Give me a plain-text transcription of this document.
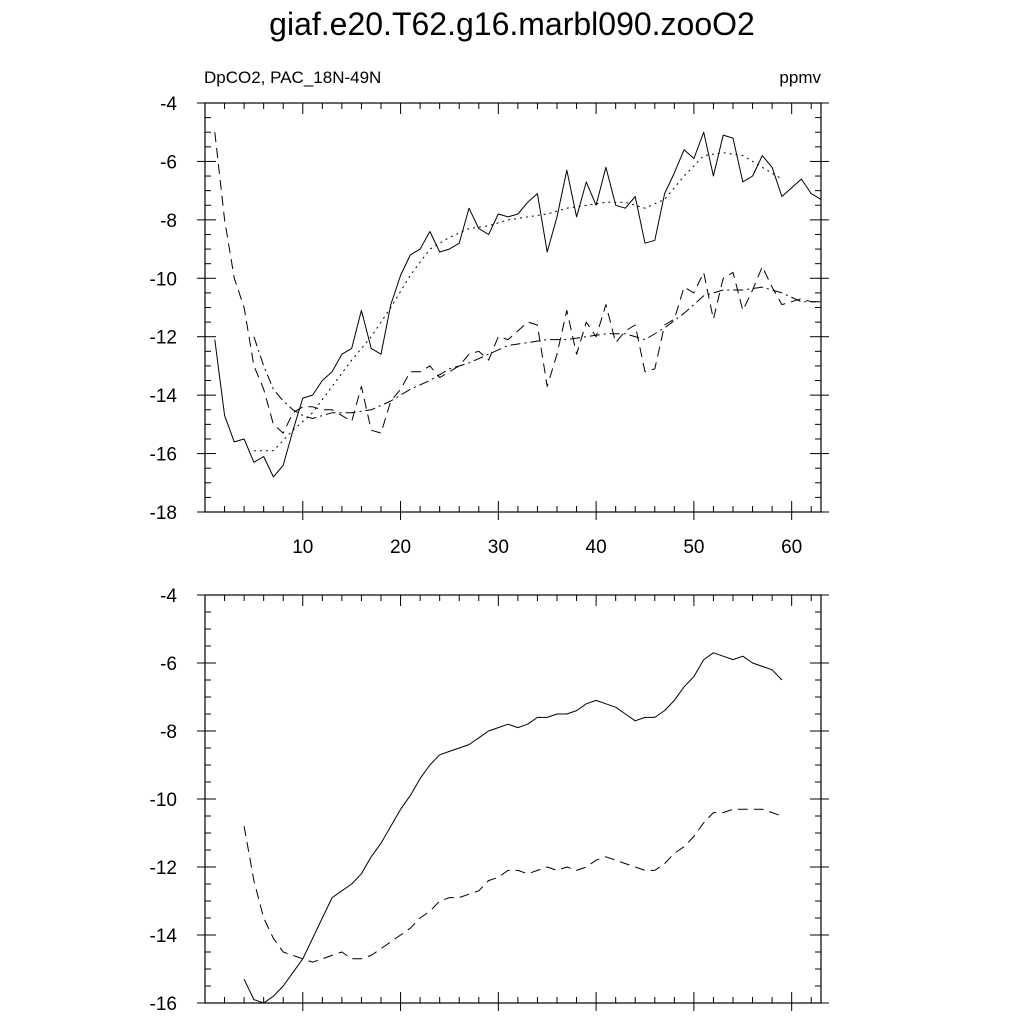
giaf.e20.T62.g16.marbl090.zooO2
DpCO2, PAC_18N-49N	ppmv
10	20	30	40	50	60
-18
-16
-14
-12
-10
-8
-6
-4
-16
-14
-12
-10
-8
-6
-4
